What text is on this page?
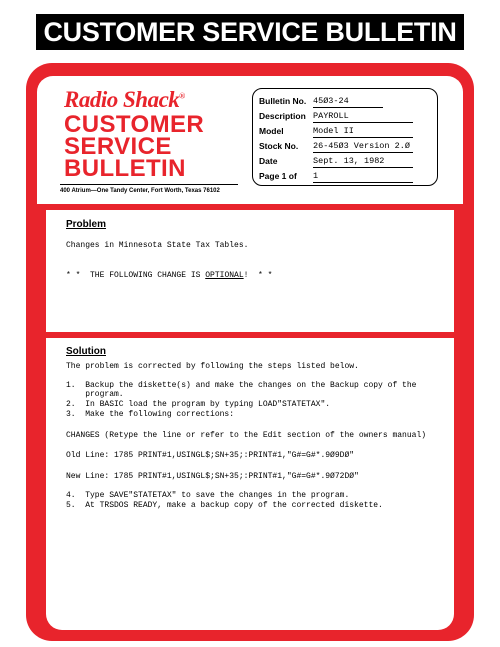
CUSTOMER SERVICE BULLETIN
Radio Shack®
CUSTOMER
SERVICE
BULLETIN
400 Atrium—One Tandy Center, Fort Worth, Texas 76102
Bulletin No. 45Ø3-24
Description PAYROLL
Model	Model II
Stock No. 26-45Ø3 Version 2.Ø
Date	Sept. 13, 1982
Page 1 of 1
Problem
Changes in Minnesota State Tax Tables.
* *  THE FOLLOWING CHANGE IS OPTIONAL!  * *
Solution
The problem is corrected by following the steps listed below.
1.  Backup the diskette(s) and make the changes on the Backup copy of the
program.
2.  In BASIC load the program by typing LOAD"STATETAX".
3.  Make the following corrections:
CHANGES (Retype the line or refer to the Edit section of the owners manual)
Old Line: 1785 PRINT#1,USINGL$;SN+35;:PRINT#1,"G#=G#*.9Ø9DØ"
New Line: 1785 PRINT#1,USINGL$;SN+35;:PRINT#1,"G#=G#*.9Ø72DØ"
4.  Type SAVE"STATETAX" to save the changes in the program.
5.  At TRSDOS READY, make a backup copy of the corrected diskette.
